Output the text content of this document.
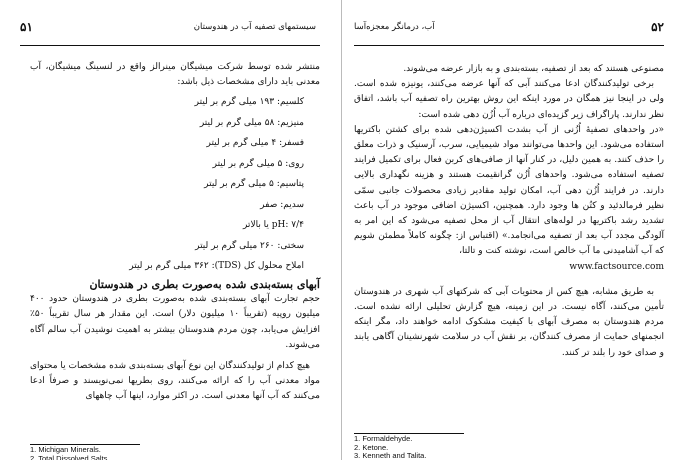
۵۱	سیستمهای تصفیه آب در هندوستان

منتشر شده توسط شرکت میشیگان مینرالز واقع در لنسینگ میشیگان، آب معدنی باید دارای مشخصات ذیل باشد:

کلسیم: ۱۹۳ میلی گرم بر لیتر

منیزیم: ۵۸ میلی گرم بر لیتر

فسفر: ۴ میلی گرم بر لیتر

روی: ۵ میلی گرم بر لیتر

پتاسیم: ۵ میلی گرم بر لیتر

سدیم: صفر

pH: ۷/۴ یا بالاتر

سختی: ۲۶۰ میلی گرم بر لیتر

املاح محلول کل (TDS): ۳۶۲ میلی گرم بر لیتر

آبهای بسته‌بندی شده به‌صورت بطری در هندوستان

حجم تجارت آبهای بسته‌بندی شده به‌صورت بطری در هندوستان حدود ۴۰۰ میلیون روپیه (تقریباً ۱۰ میلیون دلار) است. این مقدار هر سال تقریباً ۵۰٪ افزایش می‌یابد، چون مردم هندوستان بیشتر به اهمیت نوشیدن آب سالم آگاه می‌شوند.

هیچ کدام از تولیدکنندگان این نوع آبهای بسته‌بندی شده مشخصات یا محتوای مواد معدنی آب را که ارائه می‌کنند، روی بطریها نمی‌نویسند و صرفاً ادعا می‌کنند که آب آنها معدنی است. در اکثر موارد، اینها آب چاههای

1. Michigan Minerals.
2. Total Dissolved Salts.
۵۲
آب، درمانگر معجزه‌آسا

مصنوعی هستند که بعد از تصفیه، بسته‌بندی و به بازار عرضه می‌شوند.

برخی تولیدکنندگان ادعا می‌کنند آبی که آنها عرضه می‌کنند، یونیزه شده است. ولی در اینجا نیز همگان در مورد اینکه این روش بهترین راه تصفیه آب باشد، اتفاق نظر ندارند. پاراگراف زیر گزیده‌ای درباره آب اُزُن دهی شده است:

«در واحدهای تصفیهٔ اُزُنی از آب بشدت اکسیژن‌دهی شده برای کشتن باکتریها استفاده می‌شود. این واحدها می‌توانند مواد شیمیایی، سرب، آرسنیک و ذرات معلق را حذف کنند. به همین دلیل، در کنار آنها از صافی‌های کربن فعال برای تکمیل فرایند تصفیه استفاده می‌شود. واحدهای اُزُن گرانقیمت هستند و هزینه نگهداری بالایی دارند. در فرایند اُزُن دهی آب، امکان تولید مقادیر زیادی محصولات جانبی سمّی نظیر فرمالدئید و کتُن ها وجود دارد. همچنین، اکسیژن اضافی موجود در آب باعث تشدید رشد باکتریها در لوله‌های انتقال آب از محل تصفیه می‌شود که این امر به آلودگی مجدد آب بعد از تصفیه می‌انجامد.» (اقتباس از: چگونه کاملاً مطمئن شویم که آب آشامیدنی ما آب خالص است، نوشته کنت و تالتا،

www.factsource.com

به طریق مشابه، هیچ کس از محتویات آبی که شرکتهای آب شهری در هندوستان تأمین می‌کنند، آگاه نیست. در این زمینه، هیچ گزارش تحلیلی ارائه نشده است. مردم هندوستان به مصرف آبهای با کیفیت مشکوک ادامه خواهند داد، مگر اینکه انجمنهای حمایت از مصرف کنندگان، بر نقش آب در سلامت شهرنشینان آگاهی یابند و صدای خود را بلند تر کنند.

1. Formaldehyde.
2. Ketone.
3. Kenneth and Talita.
